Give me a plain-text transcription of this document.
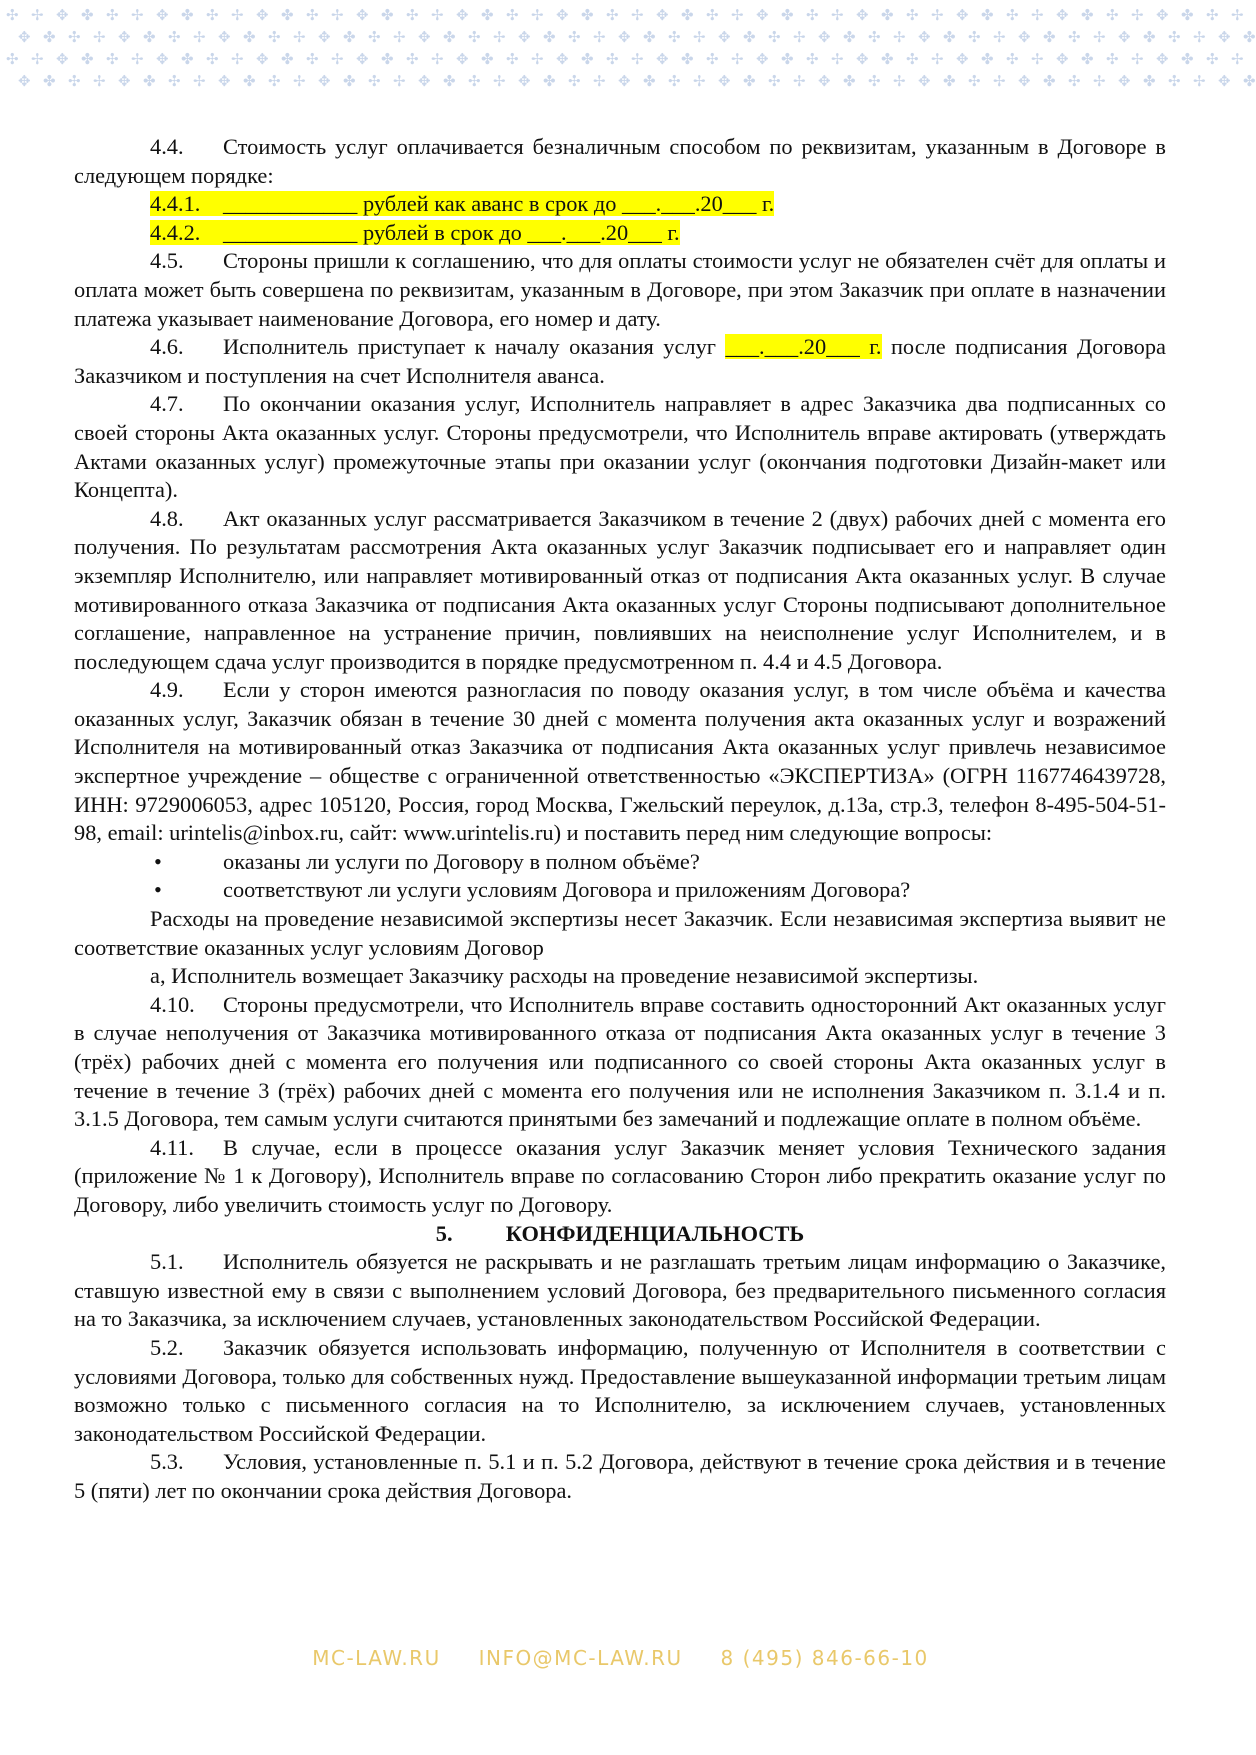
✣ ✢ ✥ ✤ ✣ ✢ ✥ ✤ ✣ ✢ ✥ ✤ ✣ ✢ ✥ ✤ ✣ ✢ ✥ ✤ ✣ ✢ ✥ ✤ ✣ ✢ ✥ ✤ ✣ ✢ ✥ ✤ ✣ ✢ ✥ ✤ ✣ ✢ ✥ ✤ ✣ ✢ ✥ ✤ ✣ ✢ ✥ ✤ ✣ ✢
✥ ✤ ✣ ✢ ✥ ✤ ✣ ✢ ✥ ✤ ✣ ✢ ✥ ✤ ✣ ✢ ✥ ✤ ✣ ✢ ✥ ✤ ✣ ✢ ✥ ✤ ✣ ✢ ✥ ✤ ✣ ✢ ✥ ✤ ✣ ✢ ✥ ✤ ✣ ✢ ✥ ✤ ✣ ✢ ✥ ✤ ✣ ✢ ✥ ✤
✣ ✢ ✥ ✤ ✣ ✢ ✥ ✤ ✣ ✢ ✥ ✤ ✣ ✢ ✥ ✤ ✣ ✢ ✥ ✤ ✣ ✢ ✥ ✤ ✣ ✢ ✥ ✤ ✣ ✢ ✥ ✤ ✣ ✢ ✥ ✤ ✣ ✢ ✥ ✤ ✣ ✢ ✥ ✤ ✣ ✢ ✥ ✤ ✣ ✢
✥ ✤ ✣ ✢ ✥ ✤ ✣ ✢ ✥ ✤ ✣ ✢ ✥ ✤ ✣ ✢ ✥ ✤ ✣ ✢ ✥ ✤ ✣ ✢ ✥ ✤ ✣ ✢ ✥ ✤ ✣ ✢ ✥ ✤ ✣ ✢ ✥ ✤ ✣ ✢ ✥ ✤ ✣ ✢ ✥ ✤ ✣ ✢ ✥ ✤

4.4. Стоимость услуг оплачивается безналичным способом по реквизитам, указанным в Договоре в следующем порядке:

4.4.1. ____________ рублей как аванс в срок до ___.___.20___ г.

4.4.2. ____________ рублей в срок до ___.___.20___ г.

4.5. Стороны пришли к соглашению, что для оплаты стоимости услуг не обязателен счёт для оплаты и оплата может быть совершена по реквизитам, указанным в Договоре, при этом Заказчик при оплате в назначении платежа указывает наименование Договора, его номер и дату.

4.6. Исполнитель приступает к началу оказания услуг ___.___.20___ г. после подписания Договора Заказчиком и поступления на счет Исполнителя аванса.

4.7. По окончании оказания услуг, Исполнитель направляет в адрес Заказчика два подписанных со своей стороны Акта оказанных услуг. Стороны предусмотрели, что Исполнитель вправе актировать (утверждать Актами оказанных услуг) промежуточные этапы при оказании услуг (окончания подготовки Дизайн-макет или Концепта).

4.8. Акт оказанных услуг рассматривается Заказчиком в течение 2 (двух) рабочих дней с момента его получения. По результатам рассмотрения Акта оказанных услуг Заказчик подписывает его и направляет один экземпляр Исполнителю, или направляет мотивированный отказ от подписания Акта оказанных услуг. В случае мотивированного отказа Заказчика от подписания Акта оказанных услуг Стороны подписывают дополнительное соглашение, направленное на устранение причин, повлиявших на неисполнение услуг Исполнителем, и в последующем сдача услуг производится в порядке предусмотренном п. 4.4 и 4.5 Договора.

4.9. Если у сторон имеются разногласия по поводу оказания услуг, в том числе объёма и качества оказанных услуг, Заказчик обязан в течение 30 дней с момента получения акта оказанных услуг и возражений Исполнителя на мотивированный отказ Заказчика от подписания Акта оказанных услуг привлечь независимое экспертное учреждение – обществе с ограниченной ответственностью «ЭКСПЕРТИЗА» (ОГРН 1167746439728, ИНН: 9729006053, адрес 105120, Россия, город Москва, Гжельский переулок, д.13а, стр.3, телефон 8-495-504-51-98, email: urintelis@inbox.ru, сайт: www.urintelis.ru) и поставить перед ним следующие вопросы:

•	оказаны ли услуги по Договору в полном объёме?

•	соответствуют ли услуги условиям Договора и приложениям Договора?

Расходы на проведение независимой экспертизы несет Заказчик. Если независимая экспертиза выявит не соответствие оказанных услуг условиям Договор

а, Исполнитель возмещает Заказчику расходы на проведение независимой экспертизы.

4.10. Стороны предусмотрели, что Исполнитель вправе составить односторонний Акт оказанных услуг в случае неполучения от Заказчика мотивированного отказа от подписания Акта оказанных услуг в течение 3 (трёх) рабочих дней с момента его получения или подписанного со своей стороны Акта оказанных услуг в течение в течение 3 (трёх) рабочих дней с момента его получения или не исполнения Заказчиком п. 3.1.4 и п. 3.1.5 Договора, тем самым услуги считаются принятыми без замечаний и подлежащие оплате в полном объёме.

4.11. В случае, если в процессе оказания услуг Заказчик меняет условия Технического задания (приложение № 1 к Договору), Исполнитель вправе по согласованию Сторон либо прекратить оказание услуг по Договору, либо увеличить стоимость услуг по Договору.

5. КОНФИДЕНЦИАЛЬНОСТЬ

5.1. Исполнитель обязуется не раскрывать и не разглашать третьим лицам информацию о Заказчике, ставшую известной ему в связи с выполнением условий Договора, без предварительного письменного согласия на то Заказчика, за исключением случаев, установленных законодательством Российской Федерации.

5.2. Заказчик обязуется использовать информацию, полученную от Исполнителя в соответствии с условиями Договора, только для собственных нужд. Предоставление вышеуказанной информации третьим лицам возможно только с письменного согласия на то Исполнителю, за исключением случаев, установленных законодательством Российской Федерации.

5.3. Условия, установленные п. 5.1 и п. 5.2 Договора, действуют в течение срока действия и в течение 5 (пяти) лет по окончании срока действия Договора.

MC-LAW.RU INFO@MC-LAW.RU 8 (495) 846-66-10
